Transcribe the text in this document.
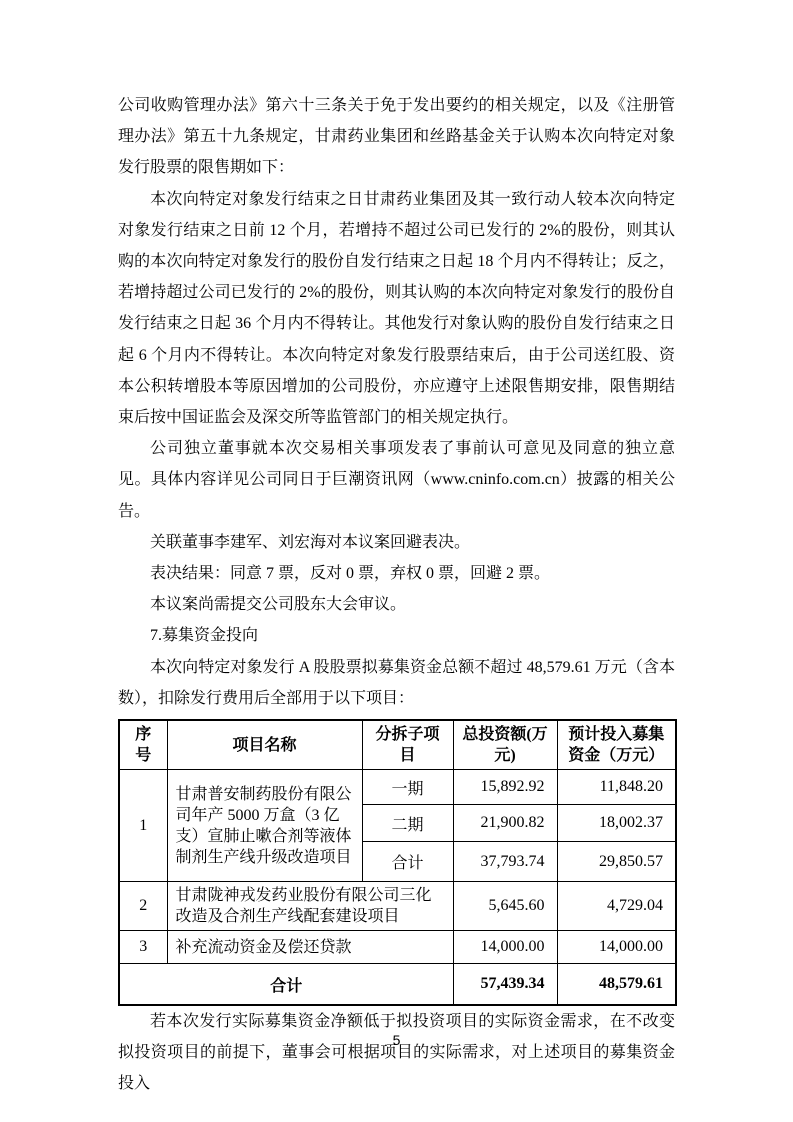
公司收购管理办法》第六十三条关于免于发出要约的相关规定，以及《注册管理办法》第五十九条规定，甘肃药业集团和丝路基金关于认购本次向特定对象发行股票的限售期如下：

本次向特定对象发行结束之日甘肃药业集团及其一致行动人较本次向特定对象发行结束之日前 12 个月，若增持不超过公司已发行的 2%的股份，则其认购的本次向特定对象发行的股份自发行结束之日起 18 个月内不得转让；反之，若增持超过公司已发行的 2%的股份，则其认购的本次向特定对象发行的股份自发行结束之日起 36 个月内不得转让。其他发行对象认购的股份自发行结束之日起 6 个月内不得转让。本次向特定对象发行股票结束后，由于公司送红股、资本公积转增股本等原因增加的公司股份，亦应遵守上述限售期安排，限售期结束后按中国证监会及深交所等监管部门的相关规定执行。

公司独立董事就本次交易相关事项发表了事前认可意见及同意的独立意见。具体内容详见公司同日于巨潮资讯网（www.cninfo.com.cn）披露的相关公告。

关联董事李建军、刘宏海对本议案回避表决。

表决结果：同意 7 票，反对 0 票，弃权 0 票，回避 2 票。

本议案尚需提交公司股东大会审议。

7.募集资金投向

本次向特定对象发行 A 股股票拟募集资金总额不超过 48,579.61 万元（含本数），扣除发行费用后全部用于以下项目：

序号	项目名称	分拆子项目	总投资额(万元)	预计投入募集资金（万元）
1	甘肃普安制药股份有限公司年产 5000 万盒（3 亿支）宣肺止嗽合剂等液体制剂生产线升级改造项目	一期	15,892.92	11,848.20
		二期	21,900.82	18,002.37
		合计	37,793.74	29,850.57
2	甘肃陇神戎发药业股份有限公司三化改造及合剂生产线配套建设项目		5,645.60	4,729.04
3	补充流动资金及偿还贷款		14,000.00	14,000.00
合计			57,439.34	48,579.61

若本次发行实际募集资金净额低于拟投资项目的实际资金需求，在不改变拟投资项目的前提下，董事会可根据项目的实际需求，对上述项目的募集资金投入

5
